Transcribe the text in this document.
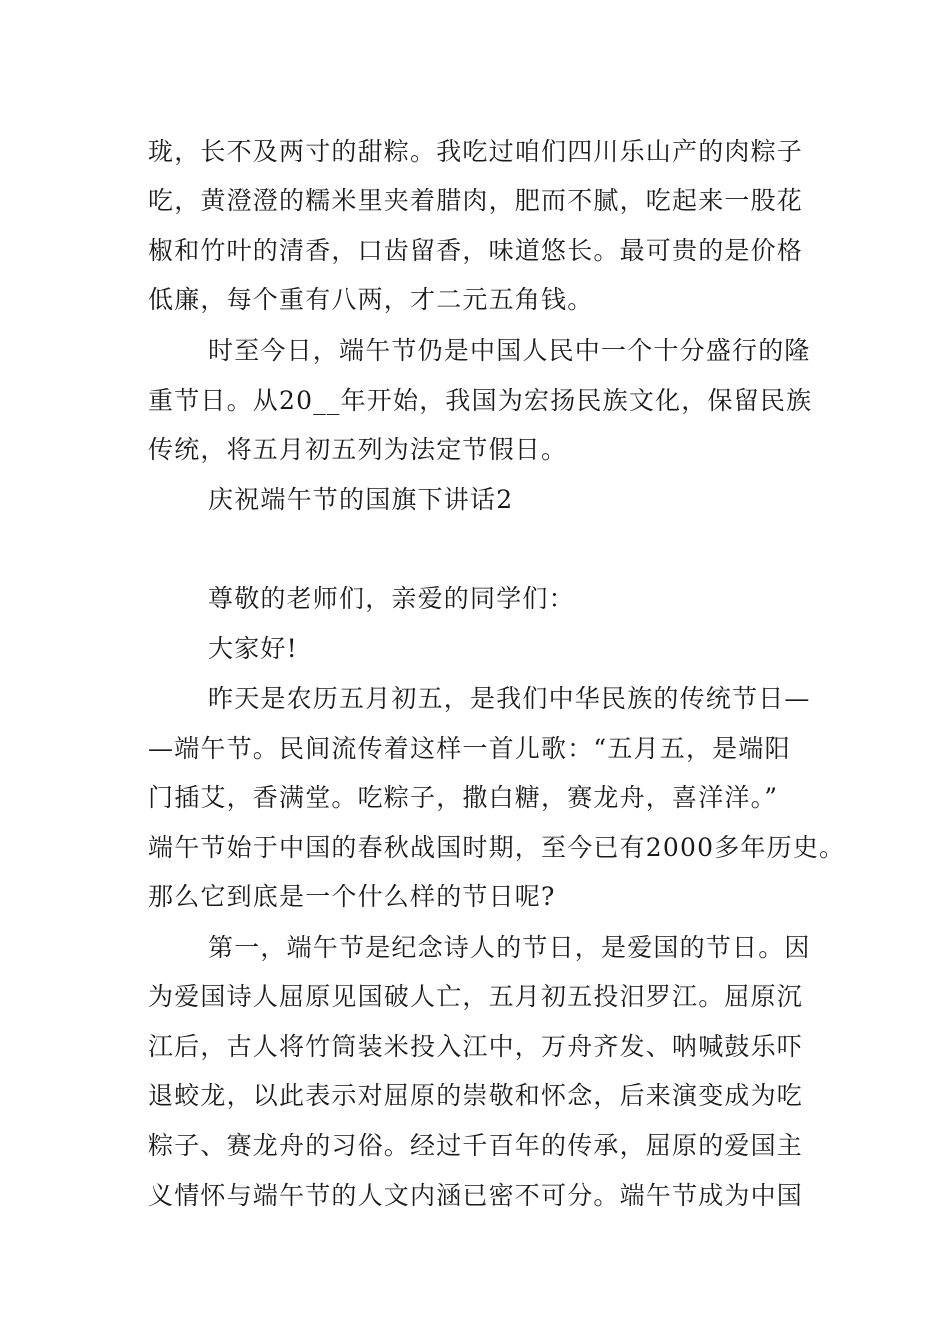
珑，长不及两寸的甜粽。我吃过咱们四川乐山产的肉粽子
吃，黄澄澄的糯米里夹着腊肉，肥而不腻，吃起来一股花
椒和竹叶的清香，口齿留香，味道悠长。最可贵的是价格
低廉，每个重有八两，才二元五角钱。
时至今日，端午节仍是中国人民中一个十分盛行的隆
重节日。从20__年开始，我国为宏扬民族文化，保留民族
传统，将五月初五列为法定节假日。
庆祝端午节的国旗下讲话2
尊敬的老师们，亲爱的同学们：
大家好!
昨天是农历五月初五，是我们中华民族的传统节日—
—端午节。民间流传着这样一首儿歌：“五月五，是端阳
门插艾，香满堂。吃粽子，撒白糖，赛龙舟，喜洋洋。”
端午节始于中国的春秋战国时期，至今已有2000多年历史。
那么它到底是一个什么样的节日呢?
第一，端午节是纪念诗人的节日，是爱国的节日。因
为爱国诗人屈原见国破人亡，五月初五投汨罗江。屈原沉
江后，古人将竹筒装米投入江中，万舟齐发、呐喊鼓乐吓
退蛟龙，以此表示对屈原的崇敬和怀念，后来演变成为吃
粽子、赛龙舟的习俗。经过千百年的传承，屈原的爱国主
义情怀与端午节的人文内涵已密不可分。端午节成为中国
